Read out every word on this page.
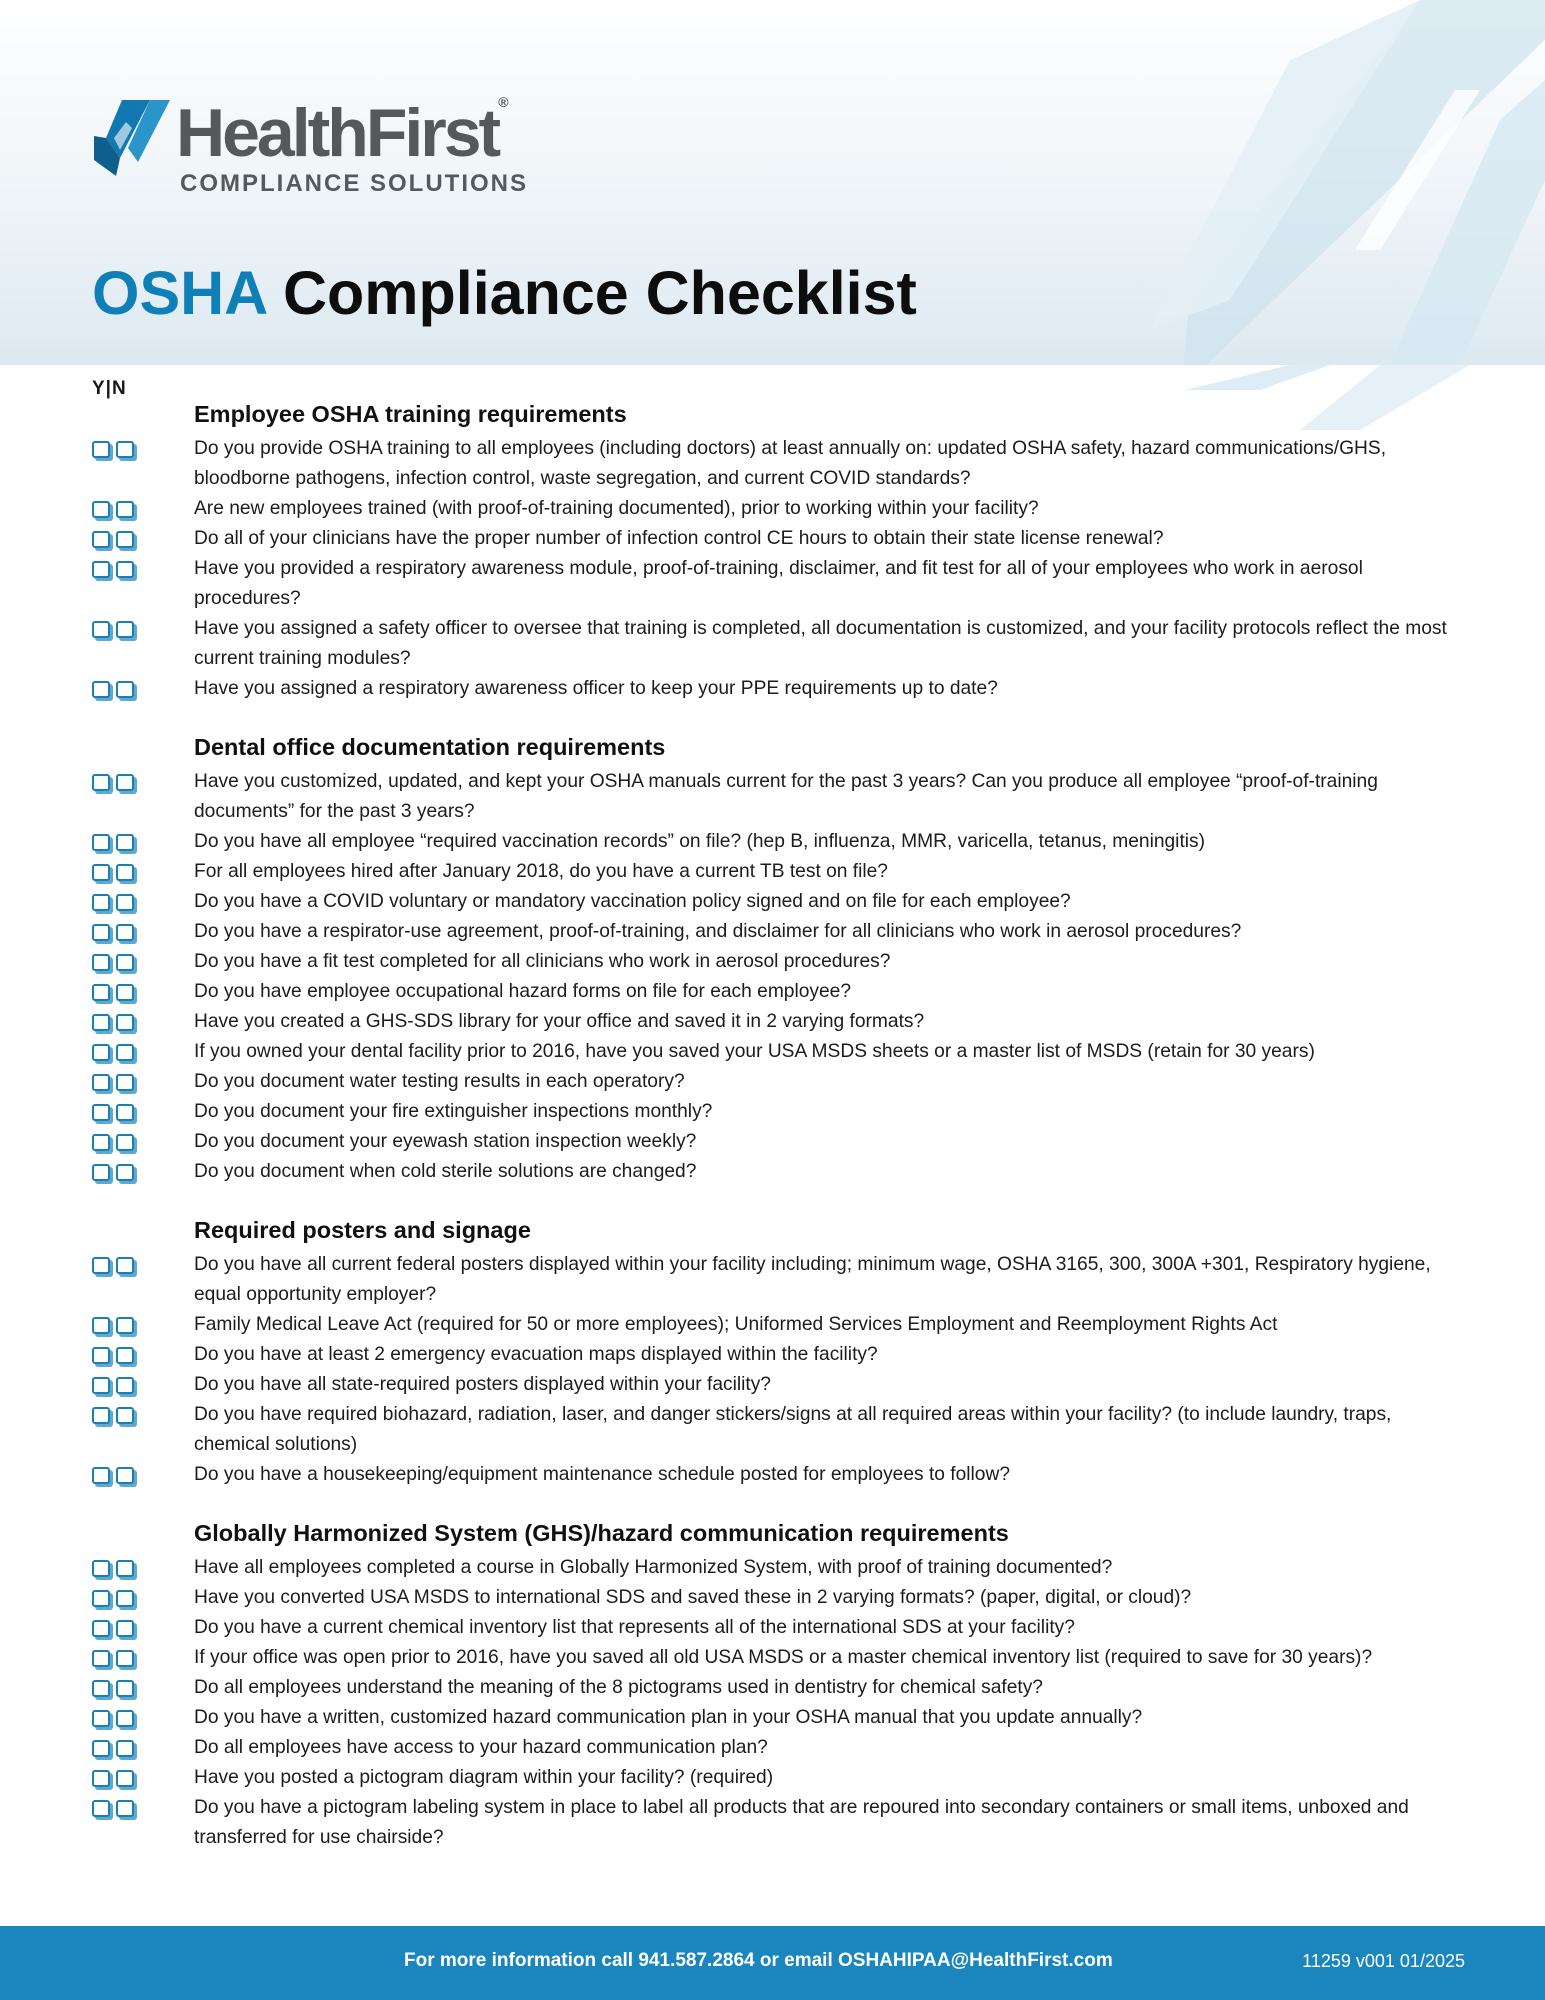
HealthFirst®
COMPLIANCE SOLUTIONS
OSHA Compliance Checklist
Y|N
Employee OSHA training requirements
Do you provide OSHA training to all employees (including doctors) at least annually on: updated OSHA safety, hazard communications/GHS, bloodborne pathogens, infection control, waste segregation, and current COVID standards?
Are new employees trained (with proof-of-training documented), prior to working within your facility?
Do all of your clinicians have the proper number of infection control CE hours to obtain their state license renewal?
Have you provided a respiratory awareness module, proof-of-training, disclaimer, and fit test for all of your employees who work in aerosol procedures?
Have you assigned a safety officer to oversee that training is completed, all documentation is customized, and your facility protocols reflect the most current training modules?
Have you assigned a respiratory awareness officer to keep your PPE requirements up to date?
Dental office documentation requirements
Have you customized, updated, and kept your OSHA manuals current for the past 3 years? Can you produce all employee “proof-of-training documents” for the past 3 years?
Do you have all employee “required vaccination records” on file? (hep B, influenza, MMR, varicella, tetanus, meningitis)
For all employees hired after January 2018, do you have a current TB test on file?
Do you have a COVID voluntary or mandatory vaccination policy signed and on file for each employee?
Do you have a respirator-use agreement, proof-of-training, and disclaimer for all clinicians who work in aerosol procedures?
Do you have a fit test completed for all clinicians who work in aerosol procedures?
Do you have employee occupational hazard forms on file for each employee?
Have you created a GHS-SDS library for your office and saved it in 2 varying formats?
If you owned your dental facility prior to 2016, have you saved your USA MSDS sheets or a master list of MSDS (retain for 30 years)
Do you document water testing results in each operatory?
Do you document your fire extinguisher inspections monthly?
Do you document your eyewash station inspection weekly?
Do you document when cold sterile solutions are changed?
Required posters and signage
Do you have all current federal posters displayed within your facility including; minimum wage, OSHA 3165, 300, 300A +301, Respiratory hygiene, equal opportunity employer?
Family Medical Leave Act (required for 50 or more employees); Uniformed Services Employment and Reemployment Rights Act
Do you have at least 2 emergency evacuation maps displayed within the facility?
Do you have all state-required posters displayed within your facility?
Do you have required biohazard, radiation, laser, and danger stickers/signs at all required areas within your facility? (to include laundry, traps, chemical solutions)
Do you have a housekeeping/equipment maintenance schedule posted for employees to follow?
Globally Harmonized System (GHS)/hazard communication requirements
Have all employees completed a course in Globally Harmonized System, with proof of training documented?
Have you converted USA MSDS to international SDS and saved these in 2 varying formats? (paper, digital, or cloud)?
Do you have a current chemical inventory list that represents all of the international SDS at your facility?
If your office was open prior to 2016, have you saved all old USA MSDS or a master chemical inventory list (required to save for 30 years)?
Do all employees understand the meaning of the 8 pictograms used in dentistry for chemical safety?
Do you have a written, customized hazard communication plan in your OSHA manual that you update annually?
Do all employees have access to your hazard communication plan?
Have you posted a pictogram diagram within your facility? (required)
Do you have a pictogram labeling system in place to label all products that are repoured into secondary containers or small items, unboxed and transferred for use chairside?
For more information call 941.587.2864 or email OSHAHIPAA@HealthFirst.com	11259 v001 01/2025
